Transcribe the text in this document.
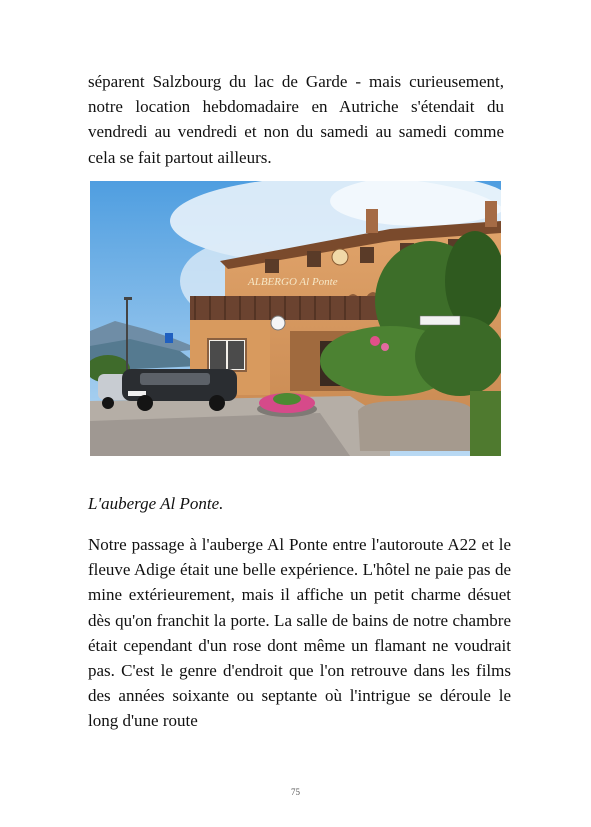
séparent Salzbourg du lac de Garde - mais curieusement, notre location hebdomadaire en Autriche s'étendait du vendredi au vendredi et non du samedi au samedi comme cela se fait partout ailleurs.

ALBERGO Al Ponte

L'auberge Al Ponte.

Notre passage à l'auberge Al Ponte entre l'autoroute A22 et le fleuve Adige était une belle expérience. L'hôtel ne paie pas de mine extérieurement, mais il affiche un petit charme désuet dès qu'on franchit la porte. La salle de bains de notre chambre était cependant d'un rose dont même un flamant ne voudrait pas. C'est le genre d'endroit que l'on retrouve dans les films des années soixante ou septante où l'intrigue se déroule le long d'une route

75
